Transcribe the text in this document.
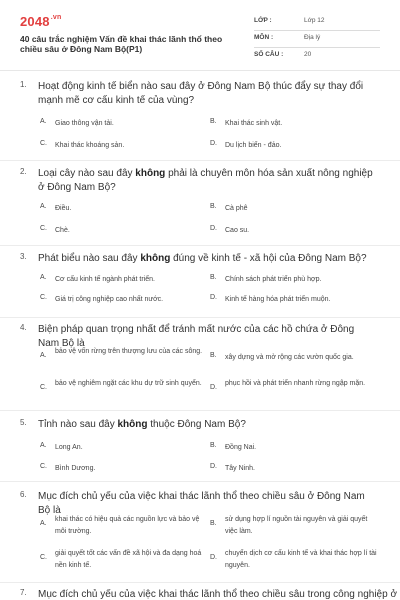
$2048^{.vn}$
40 câu trắc nghiệm Vấn đề khai thác lãnh thổ theo chiều sâu ở Đông Nam Bộ(P1)
LỚP :	Lớp 12
MÔN :	Địa lý
SỐ CÂU :	20
1. Hoạt động kinh tế biển nào sau đây ở Đông Nam Bộ thúc đẩy sự thay đổi mạnh mẽ cơ cấu kinh tế của vùng?
A. Giao thông vận tải.	B. Khai thác sinh vật.
C. Khai thác khoáng sản.	D. Du lịch biển - đảo.
2. Loại cây nào sau đây không phải là chuyên môn hóa sản xuất nông nghiệp ở Đông Nam Bộ?
A. Điều.	B. Cà phê
C. Chè.	D. Cao su.
3. Phát biểu nào sau đây không đúng về kinh tế - xã hội của Đông Nam Bộ?
A. Cơ cấu kinh tế ngành phát triển.	B. Chính sách phát triển phù hợp.
C. Giá trị công nghiệp cao nhất nước.	D. Kinh tế hàng hóa phát triển muộn.
4. Biện pháp quan trọng nhất để tránh mất nước của các hồ chứa ở Đông Nam Bộ là
A.
bảo vệ vốn rừng trên thượng lưu của các sông.
B. xây dựng và mở rộng các vườn quốc gia.
C.
bảo vệ nghiêm ngặt các khu dự trữ sinh quyển.
D.
phục hồi và phát triển nhanh rừng ngập mặn.
5. Tỉnh nào sau đây không thuộc Đông Nam Bộ?
A. Long An.	B. Đồng Nai.
C. Bình Dương.	D. Tây Ninh.
6. Mục đích chủ yếu của việc khai thác lãnh thổ theo chiều sâu ở Đông Nam Bộ là
A.
khai thác có hiệu quả các nguồn lực và bảo vệ môi trường.
B.
sử dụng hợp lí nguồn tài nguyên và giải quyết việc làm.
C.
giải quyết tốt các vấn đề xã hội và đa dạng hoá nền kinh tế.
D.
chuyển dịch cơ cấu kinh tế và khai thác hợp lí tài nguyên.
7. Mục đích chủ yếu của việc khai thác lãnh thổ theo chiều sâu trong công nghiệp ở
